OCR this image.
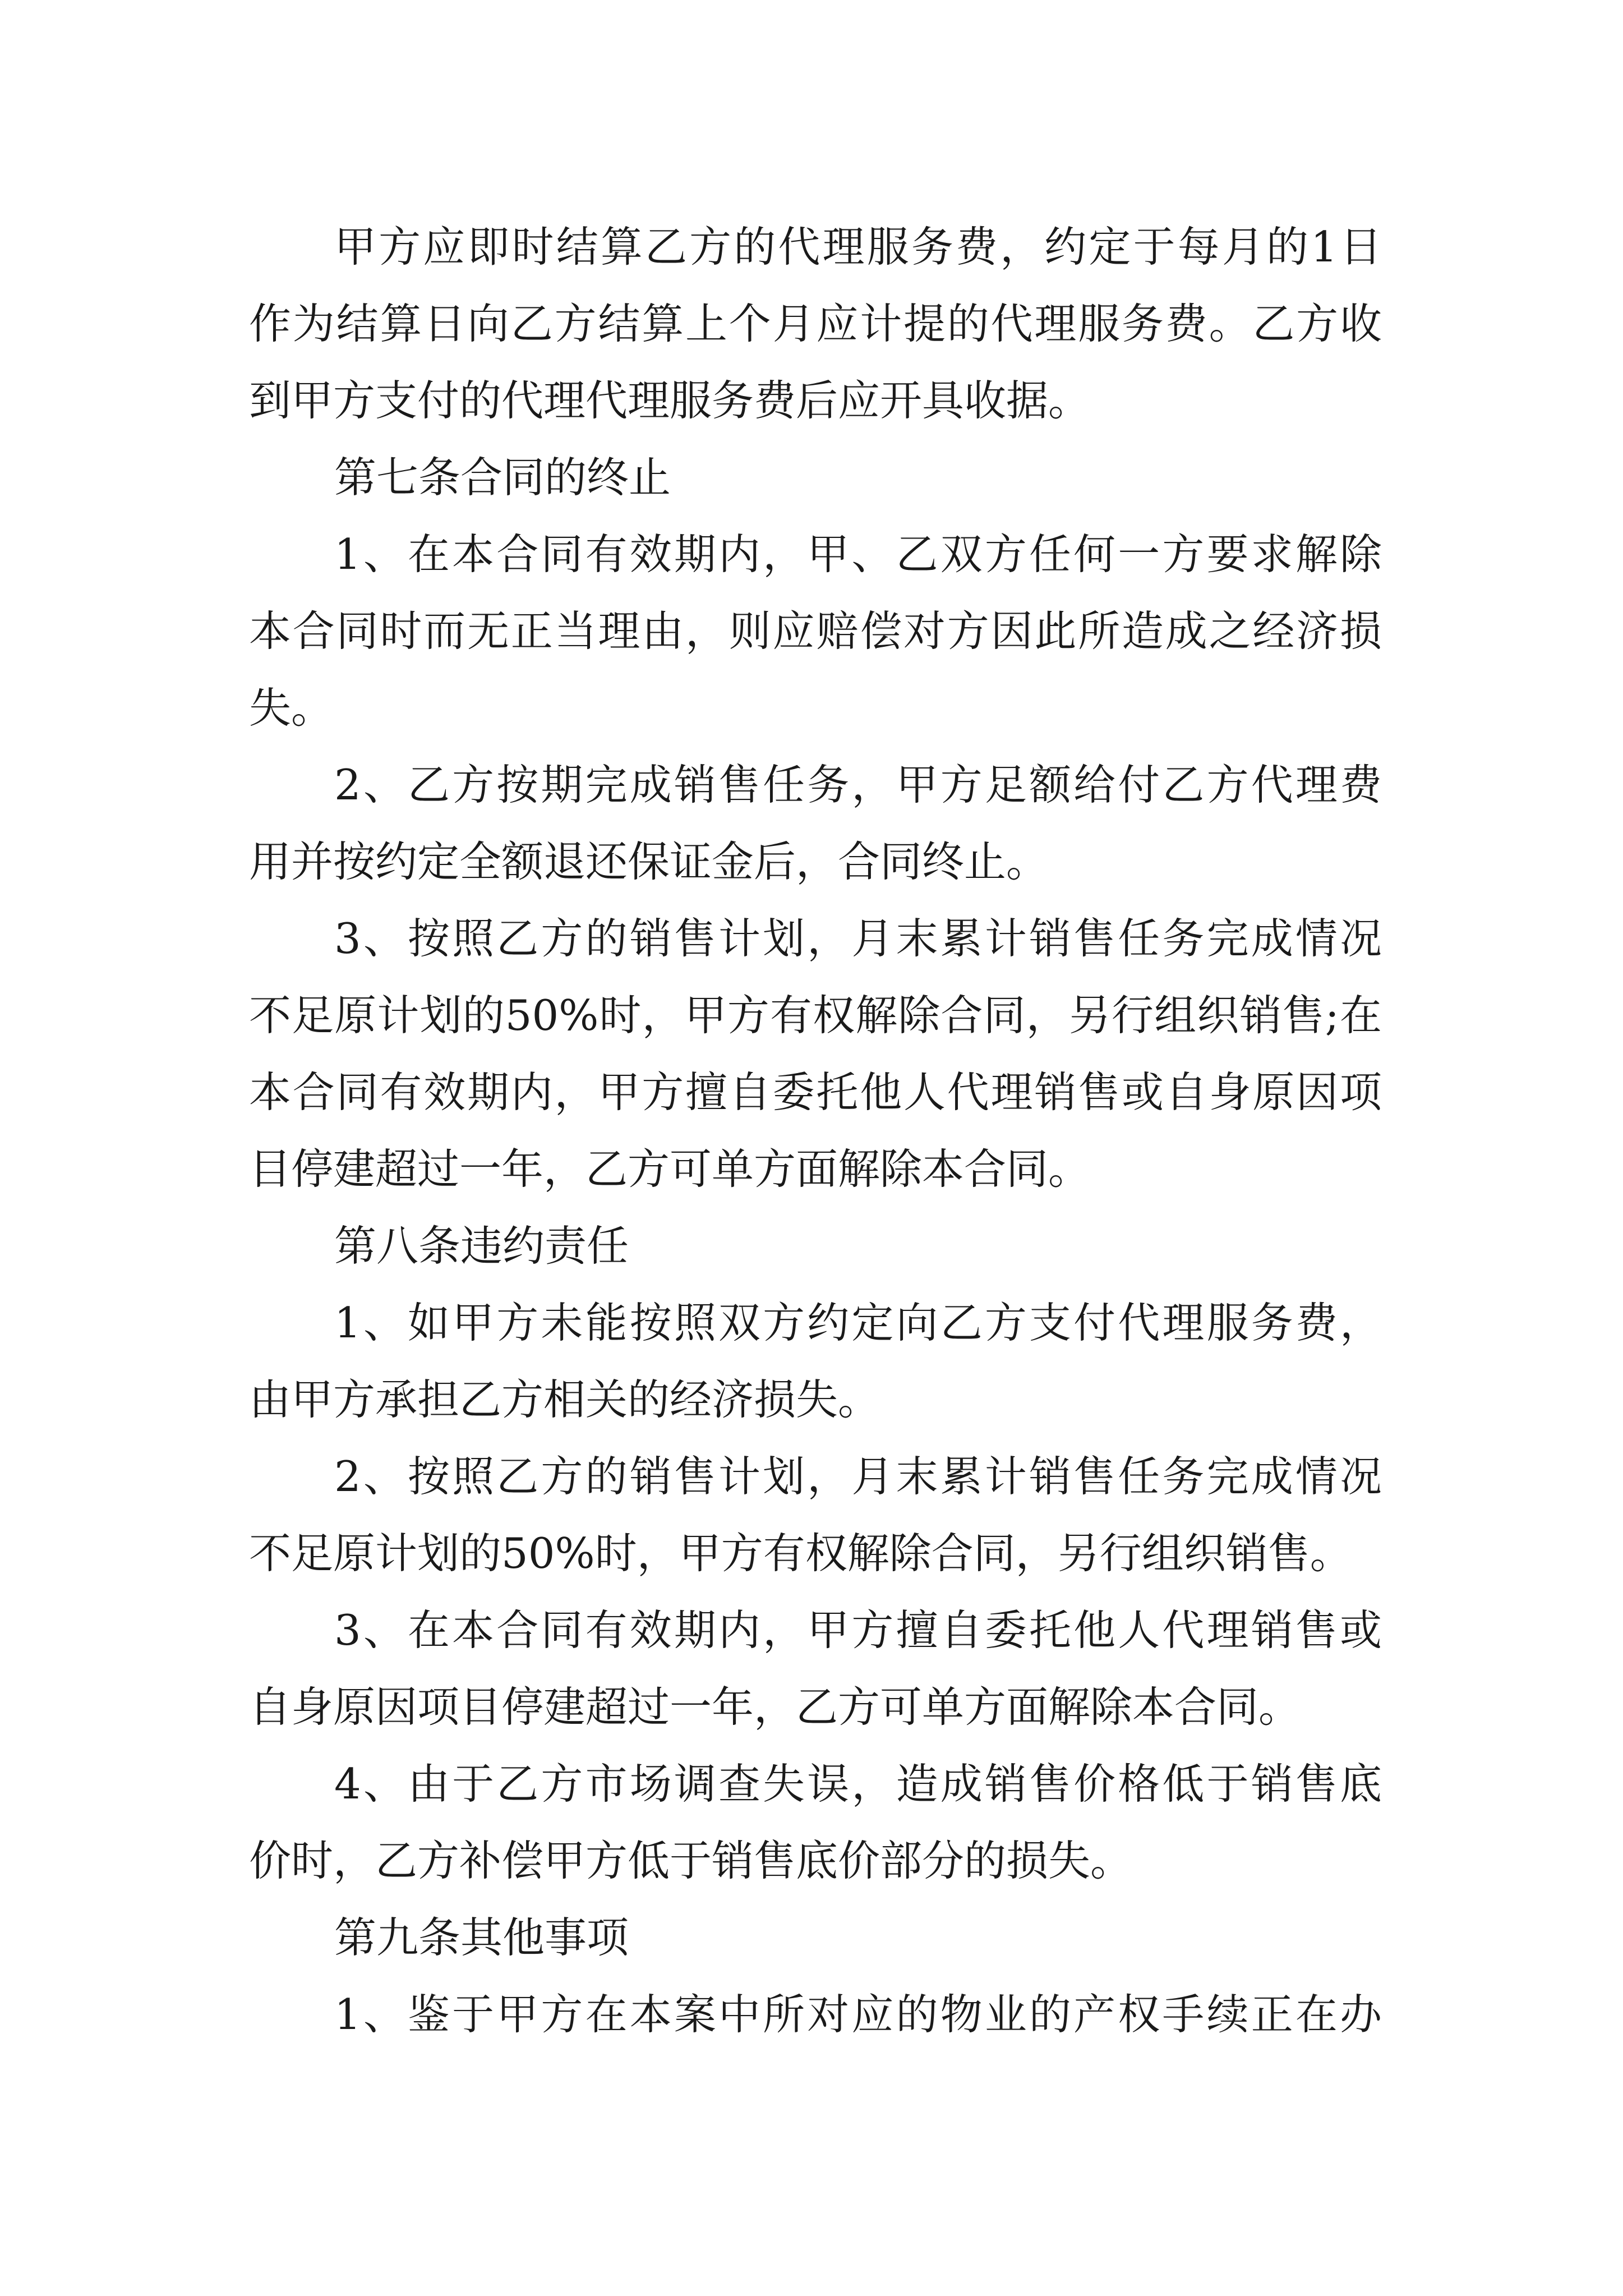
甲方应即时结算乙方的代理服务费，约定于每月的1日
作为结算日向乙方结算上个月应计提的代理服务费。乙方收
到甲方支付的代理代理服务费后应开具收据。
第七条合同的终止
1、在本合同有效期内，甲、乙双方任何一方要求解除
本合同时而无正当理由，则应赔偿对方因此所造成之经济损
失。
2、乙方按期完成销售任务，甲方足额给付乙方代理费
用并按约定全额退还保证金后，合同终止。
3、按照乙方的销售计划，月末累计销售任务完成情况
不足原计划的50%时，甲方有权解除合同，另行组织销售;在
本合同有效期内，甲方擅自委托他人代理销售或自身原因项
目停建超过一年，乙方可单方面解除本合同。
第八条违约责任
1、如甲方未能按照双方约定向乙方支付代理服务费，
由甲方承担乙方相关的经济损失。
2、按照乙方的销售计划，月末累计销售任务完成情况
不足原计划的50%时，甲方有权解除合同，另行组织销售。
3、在本合同有效期内，甲方擅自委托他人代理销售或
自身原因项目停建超过一年，乙方可单方面解除本合同。
4、由于乙方市场调查失误，造成销售价格低于销售底
价时，乙方补偿甲方低于销售底价部分的损失。
第九条其他事项
1、鉴于甲方在本案中所对应的物业的产权手续正在办
